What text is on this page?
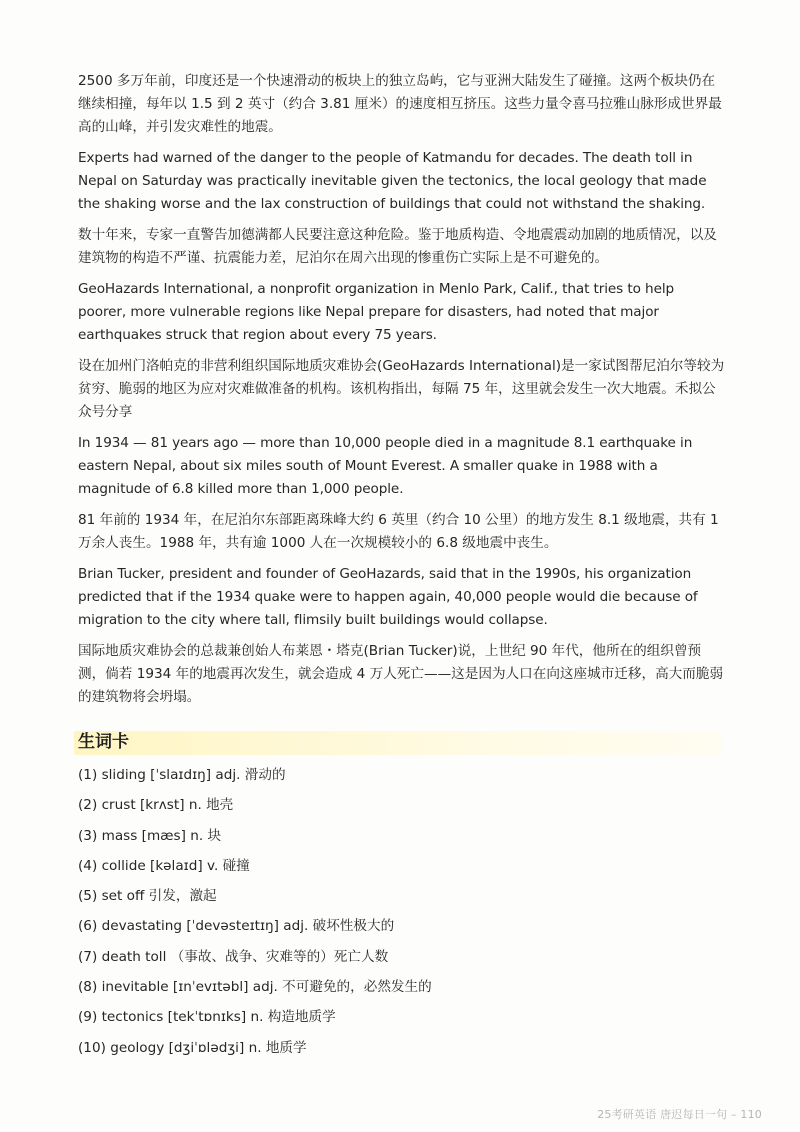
2500 多万年前，印度还是一个快速滑动的板块上的独立岛屿，它与亚洲大陆发生了碰撞。这两个板块仍在继续相撞，每年以 1.5 到 2 英寸（约合 3.81 厘米）的速度相互挤压。这些力量令喜马拉雅山脉形成世界最高的山峰，并引发灾难性的地震。

Experts had warned of the danger to the people of Katmandu for decades. The death toll in Nepal on Saturday was practically inevitable given the tectonics, the local geology that made the shaking worse and the lax construction of buildings that could not withstand the shaking.

数十年来，专家一直警告加德满都人民要注意这种危险。鉴于地质构造、令地震震动加剧的地质情况，以及建筑物的构造不严谨、抗震能力差，尼泊尔在周六出现的惨重伤亡实际上是不可避免的。

GeoHazards International, a nonprofit organization in Menlo Park, Calif., that tries to help poorer, more vulnerable regions like Nepal prepare for disasters, had noted that major earthquakes struck that region about every 75 years.

设在加州门洛帕克的非营利组织国际地质灾难协会(GeoHazards International)是一家试图帮尼泊尔等较为贫穷、脆弱的地区为应对灾难做准备的机构。该机构指出，每隔 75 年，这里就会发生一次大地震。禾拟公众号分享

In 1934 — 81 years ago — more than 10,000 people died in a magnitude 8.1 earthquake in eastern Nepal, about six miles south of Mount Everest. A smaller quake in 1988 with a magnitude of 6.8 killed more than 1,000 people.

81 年前的 1934 年，在尼泊尔东部距离珠峰大约 6 英里（约合 10 公里）的地方发生 8.1 级地震，共有 1 万余人丧生。1988 年，共有逾 1000 人在一次规模较小的 6.8 级地震中丧生。

Brian Tucker, president and founder of GeoHazards, said that in the 1990s, his organization predicted that if the 1934 quake were to happen again, 40,000 people would die because of migration to the city where tall, flimsily built buildings would collapse.

国际地质灾难协会的总裁兼创始人布莱恩・塔克(Brian Tucker)说，上世纪 90 年代，他所在的组织曾预测，倘若 1934 年的地震再次发生，就会造成 4 万人死亡——这是因为人口在向这座城市迁移，高大而脆弱的建筑物将会坍塌。

生词卡
(1) sliding [ˈslaɪdɪŋ] adj. 滑动的
(2) crust [krʌst] n. 地壳
(3) mass [mæs] n. 块
(4) collide [kəlaɪd] v. 碰撞
(5) set off 引发，激起
(6) devastating [ˈdevəsteɪtɪŋ] adj. 破坏性极大的
(7) death toll （事故、战争、灾难等的）死亡人数
(8) inevitable [ɪnˈevɪtəbl] adj. 不可避免的，必然发生的
(9) tectonics [tekˈtɒnɪks] n. 构造地质学
(10) geology [dʒiˈɒlədʒi] n. 地质学
25考研英语 唐迟每日一句 – 110
